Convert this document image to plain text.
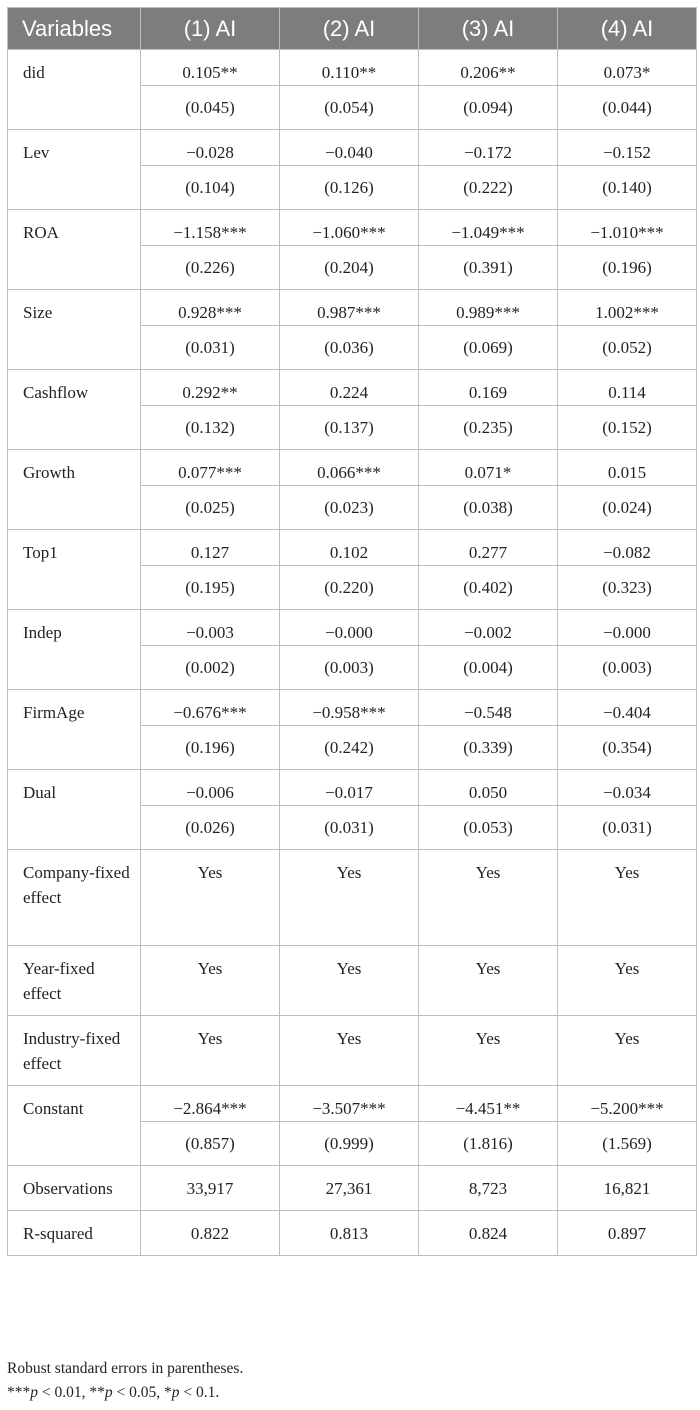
Variables	(1) AI	(2) AI	(3) AI	(4) AI
did	0.105**	0.110**	0.206**	0.073*
	(0.045)	(0.054)	(0.094)	(0.044)
Lev	−0.028	−0.040	−0.172	−0.152
	(0.104)	(0.126)	(0.222)	(0.140)
ROA	−1.158***	−1.060***	−1.049***	−1.010***
	(0.226)	(0.204)	(0.391)	(0.196)
Size	0.928***	0.987***	0.989***	1.002***
	(0.031)	(0.036)	(0.069)	(0.052)
Cashflow	0.292**	0.224	0.169	0.114
	(0.132)	(0.137)	(0.235)	(0.152)
Growth	0.077***	0.066***	0.071*	0.015
	(0.025)	(0.023)	(0.038)	(0.024)
Top1	0.127	0.102	0.277	−0.082
	(0.195)	(0.220)	(0.402)	(0.323)
Indep	−0.003	−0.000	−0.002	−0.000
	(0.002)	(0.003)	(0.004)	(0.003)
FirmAge	−0.676***	−0.958***	−0.548	−0.404
	(0.196)	(0.242)	(0.339)	(0.354)
Dual	−0.006	−0.017	0.050	−0.034
	(0.026)	(0.031)	(0.053)	(0.031)
Company-fixed effect	Yes	Yes	Yes	Yes
Year-fixed effect	Yes	Yes	Yes	Yes
Industry-fixed effect	Yes	Yes	Yes	Yes
Constant	−2.864***	−3.507***	−4.451**	−5.200***
	(0.857)	(0.999)	(1.816)	(1.569)
Observations	33,917	27,361	8,723	16,821
R-squared	0.822	0.813	0.824	0.897
Robust standard errors in parentheses.
***p < 0.01, **p < 0.05, *p < 0.1.
